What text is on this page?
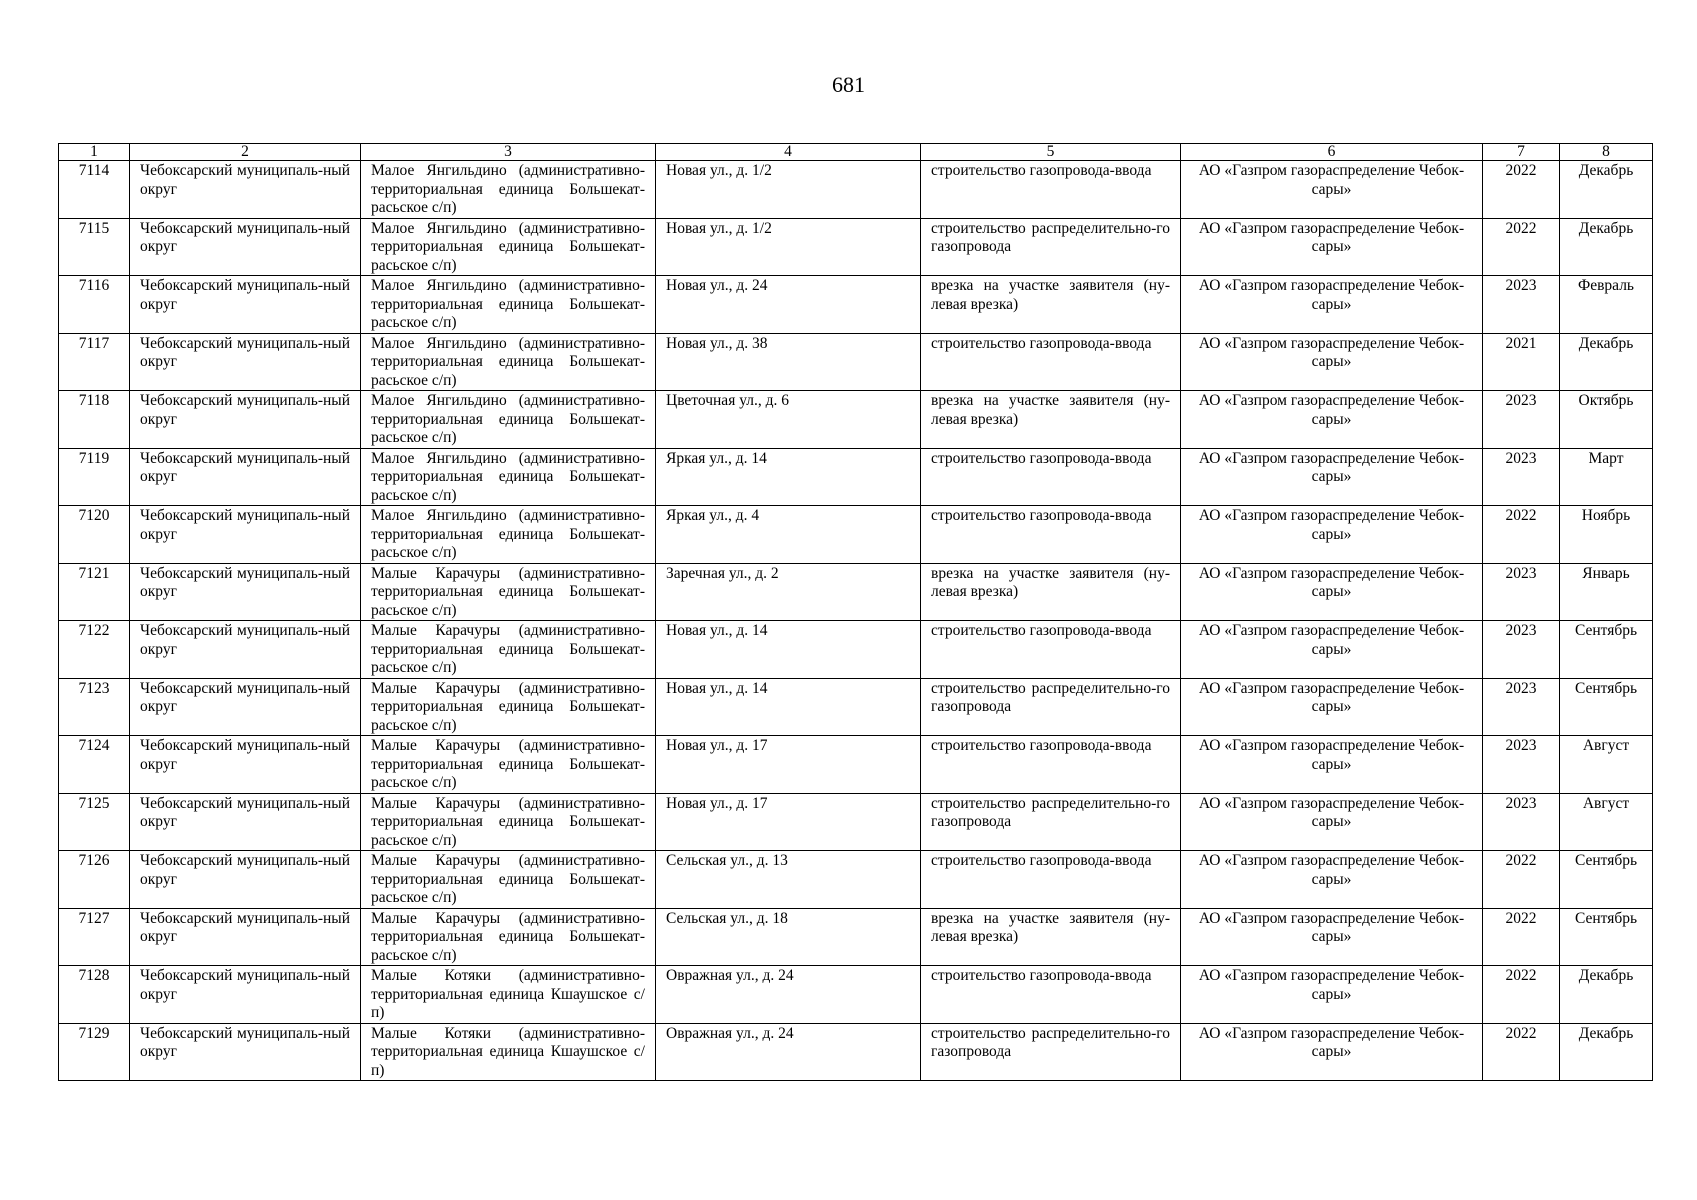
681
1	2	3	4	5	6	7	8
7114	Чебоксарский муниципаль-ный округ	Малое Янгильдино (административно-территориальная единица Большекат-расьское с/п)	Новая ул., д. 1/2	строительство газопровода-ввода	АО «Газпром газораспределение Чебок-сары»	2022	Декабрь
7115	Чебоксарский муниципаль-ный округ	Малое Янгильдино (административно-территориальная единица Большекат-расьское с/п)	Новая ул., д. 1/2	строительство распределительно-го газопровода	АО «Газпром газораспределение Чебок-сары»	2022	Декабрь
7116	Чебоксарский муниципаль-ный округ	Малое Янгильдино (административно-территориальная единица Большекат-расьское с/п)	Новая ул., д. 24	врезка на участке заявителя (ну-левая врезка)	АО «Газпром газораспределение Чебок-сары»	2023	Февраль
7117	Чебоксарский муниципаль-ный округ	Малое Янгильдино (административно-территориальная единица Большекат-расьское с/п)	Новая ул., д. 38	строительство газопровода-ввода	АО «Газпром газораспределение Чебок-сары»	2021	Декабрь
7118	Чебоксарский муниципаль-ный округ	Малое Янгильдино (административно-территориальная единица Большекат-расьское с/п)	Цветочная ул., д. 6	врезка на участке заявителя (ну-левая врезка)	АО «Газпром газораспределение Чебок-сары»	2023	Октябрь
7119	Чебоксарский муниципаль-ный округ	Малое Янгильдино (административно-территориальная единица Большекат-расьское с/п)	Яркая ул., д. 14	строительство газопровода-ввода	АО «Газпром газораспределение Чебок-сары»	2023	Март
7120	Чебоксарский муниципаль-ный округ	Малое Янгильдино (административно-территориальная единица Большекат-расьское с/п)	Яркая ул., д. 4	строительство газопровода-ввода	АО «Газпром газораспределение Чебок-сары»	2022	Ноябрь
7121	Чебоксарский муниципаль-ный округ	Малые Карачуры (административно-территориальная единица Большекат-расьское с/п)	Заречная ул., д. 2	врезка на участке заявителя (ну-левая врезка)	АО «Газпром газораспределение Чебок-сары»	2023	Январь
7122	Чебоксарский муниципаль-ный округ	Малые Карачуры (административно-территориальная единица Большекат-расьское с/п)	Новая ул., д. 14	строительство газопровода-ввода	АО «Газпром газораспределение Чебок-сары»	2023	Сентябрь
7123	Чебоксарский муниципаль-ный округ	Малые Карачуры (административно-территориальная единица Большекат-расьское с/п)	Новая ул., д. 14	строительство распределительно-го газопровода	АО «Газпром газораспределение Чебок-сары»	2023	Сентябрь
7124	Чебоксарский муниципаль-ный округ	Малые Карачуры (административно-территориальная единица Большекат-расьское с/п)	Новая ул., д. 17	строительство газопровода-ввода	АО «Газпром газораспределение Чебок-сары»	2023	Август
7125	Чебоксарский муниципаль-ный округ	Малые Карачуры (административно-территориальная единица Большекат-расьское с/п)	Новая ул., д. 17	строительство распределительно-го газопровода	АО «Газпром газораспределение Чебок-сары»	2023	Август
7126	Чебоксарский муниципаль-ный округ	Малые Карачуры (административно-территориальная единица Большекат-расьское с/п)	Сельская ул., д. 13	строительство газопровода-ввода	АО «Газпром газораспределение Чебок-сары»	2022	Сентябрь
7127	Чебоксарский муниципаль-ный округ	Малые Карачуры (административно-территориальная единица Большекат-расьское с/п)	Сельская ул., д. 18	врезка на участке заявителя (ну-левая врезка)	АО «Газпром газораспределение Чебок-сары»	2022	Сентябрь
7128	Чебоксарский муниципаль-ный округ	Малые Котяки (административно-территориальная единица Кшаушское с/п)	Овражная ул., д. 24	строительство газопровода-ввода	АО «Газпром газораспределение Чебок-сары»	2022	Декабрь
7129	Чебоксарский муниципаль-ный округ	Малые Котяки (административно-территориальная единица Кшаушское с/п)	Овражная ул., д. 24	строительство распределительно-го газопровода	АО «Газпром газораспределение Чебок-сары»	2022	Декабрь
